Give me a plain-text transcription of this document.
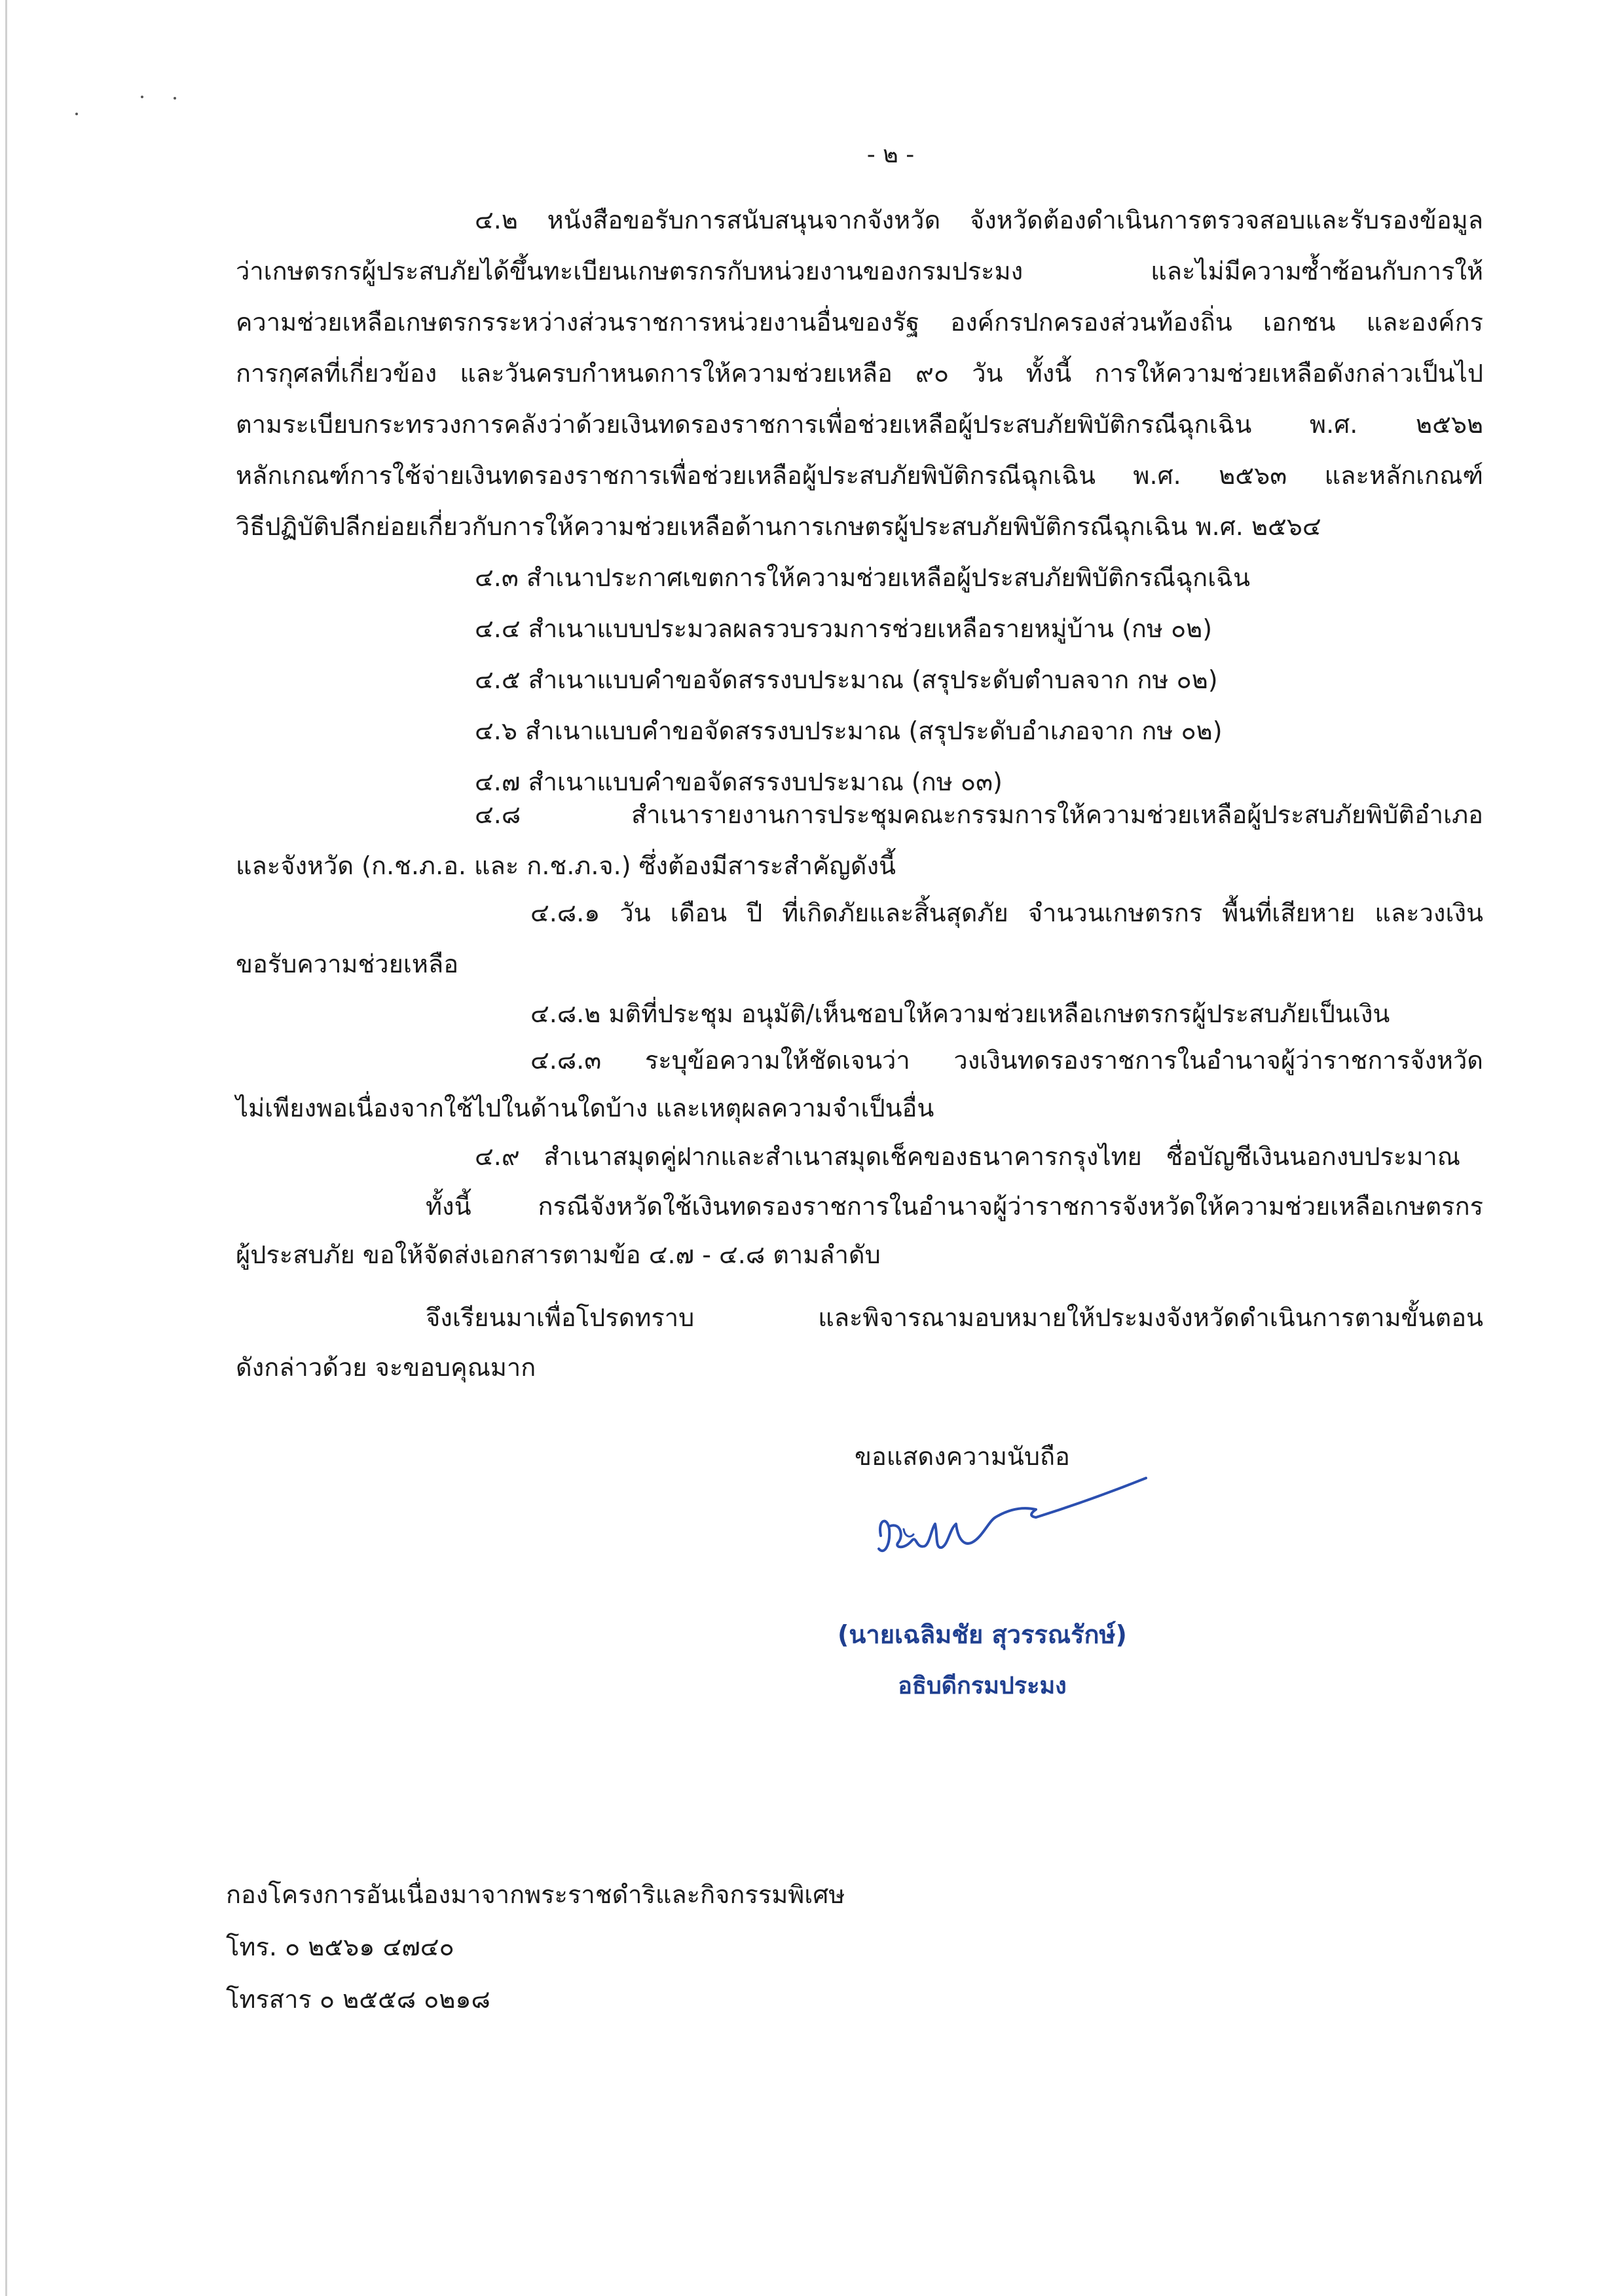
- ๒ -
๔.๒ หนังสือขอรับการสนับสนุนจากจังหวัด จังหวัดต้องดำเนินการตรวจสอบและรับรองข้อมูล
ว่าเกษตรกรผู้ประสบภัยได้ขึ้นทะเบียนเกษตรกรกับหน่วยงานของกรมประมง และไม่มีความซ้ำซ้อนกับการให้
ความช่วยเหลือเกษตรกรระหว่างส่วนราชการหน่วยงานอื่นของรัฐ องค์กรปกครองส่วนท้องถิ่น เอกชน และองค์กร
การกุศลที่เกี่ยวข้อง และวันครบกำหนดการให้ความช่วยเหลือ ๙๐ วัน ทั้งนี้ การให้ความช่วยเหลือดังกล่าวเป็นไป
ตามระเบียบกระทรวงการคลังว่าด้วยเงินทดรองราชการเพื่อช่วยเหลือผู้ประสบภัยพิบัติกรณีฉุกเฉิน พ.ศ. ๒๕๖๒
หลักเกณฑ์การใช้จ่ายเงินทดรองราชการเพื่อช่วยเหลือผู้ประสบภัยพิบัติกรณีฉุกเฉิน พ.ศ. ๒๕๖๓ และหลักเกณฑ์
วิธีปฏิบัติปลีกย่อยเกี่ยวกับการให้ความช่วยเหลือด้านการเกษตรผู้ประสบภัยพิบัติกรณีฉุกเฉิน พ.ศ. ๒๕๖๔
๔.๓ สำเนาประกาศเขตการให้ความช่วยเหลือผู้ประสบภัยพิบัติกรณีฉุกเฉิน
๔.๔ สำเนาแบบประมวลผลรวบรวมการช่วยเหลือรายหมู่บ้าน (กษ ๐๒)
๔.๕ สำเนาแบบคำขอจัดสรรงบประมาณ (สรุประดับตำบลจาก กษ ๐๒)
๔.๖ สำเนาแบบคำขอจัดสรรงบประมาณ (สรุประดับอำเภอจาก กษ ๐๒)
๔.๗ สำเนาแบบคำขอจัดสรรงบประมาณ (กษ ๐๓)
๔.๘ สำเนารายงานการประชุมคณะกรรมการให้ความช่วยเหลือผู้ประสบภัยพิบัติอำเภอ
และจังหวัด (ก.ช.ภ.อ. และ ก.ช.ภ.จ.) ซึ่งต้องมีสาระสำคัญดังนี้
๔.๘.๑ วัน เดือน ปี ที่เกิดภัยและสิ้นสุดภัย จำนวนเกษตรกร พื้นที่เสียหาย และวงเงิน
ขอรับความช่วยเหลือ
๔.๘.๒ มติที่ประชุม อนุมัติ/เห็นชอบให้ความช่วยเหลือเกษตรกรผู้ประสบภัยเป็นเงิน
๔.๘.๓ ระบุข้อความให้ชัดเจนว่า วงเงินทดรองราชการในอำนาจผู้ว่าราชการจังหวัด
ไม่เพียงพอเนื่องจากใช้ไปในด้านใดบ้าง และเหตุผลความจำเป็นอื่น
๔.๙ สำเนาสมุดคู่ฝากและสำเนาสมุดเช็คของธนาคารกรุงไทย ชื่อบัญชีเงินนอกงบประมาณ
ทั้งนี้ กรณีจังหวัดใช้เงินทดรองราชการในอำนาจผู้ว่าราชการจังหวัดให้ความช่วยเหลือเกษตรกร
ผู้ประสบภัย ขอให้จัดส่งเอกสารตามข้อ ๔.๗ - ๔.๘ ตามลำดับ
จึงเรียนมาเพื่อโปรดทราบ และพิจารณามอบหมายให้ประมงจังหวัดดำเนินการตามขั้นตอน
ดังกล่าวด้วย จะขอบคุณมาก
ขอแสดงความนับถือ
(นายเฉลิมชัย สุวรรณรักษ์)
อธิบดีกรมประมง
กองโครงการอันเนื่องมาจากพระราชดำริและกิจกรรมพิเศษ
โทร. ๐ ๒๕๖๑ ๔๗๔๐
โทรสาร ๐ ๒๕๕๘ ๐๒๑๘
